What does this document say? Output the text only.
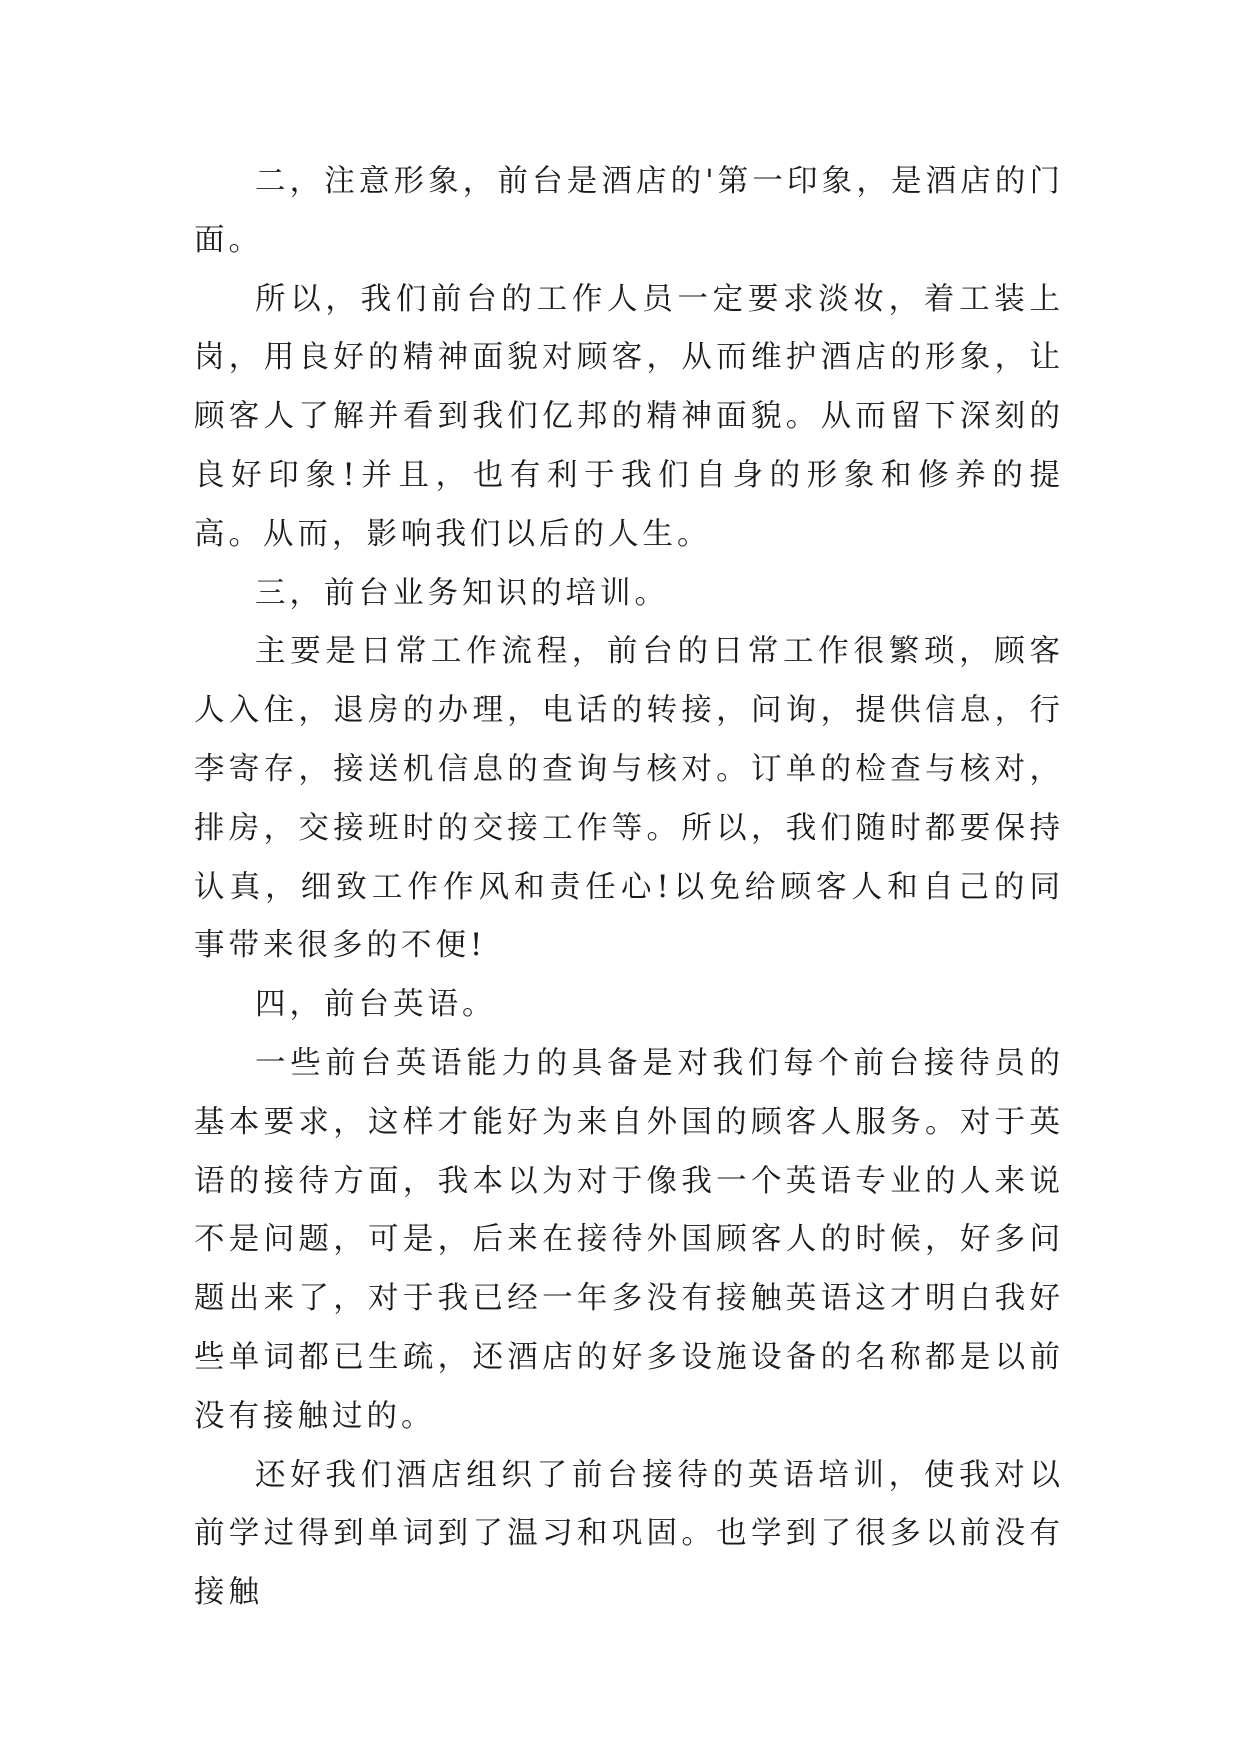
二，注意形象，前台是酒店的'第一印象，是酒店的门面。

所以，我们前台的工作人员一定要求淡妆，着工装上岗，用良好的精神面貌对顾客，从而维护酒店的形象，让顾客人了解并看到我们亿邦的精神面貌。从而留下深刻的良好印象!并且，也有利于我们自身的形象和修养的提高。从而，影响我们以后的人生。

三，前台业务知识的培训。

主要是日常工作流程，前台的日常工作很繁琐，顾客人入住，退房的办理，电话的转接，问询，提供信息，行李寄存，接送机信息的查询与核对。订单的检查与核对，排房，交接班时的交接工作等。所以，我们随时都要保持认真，细致工作作风和责任心!以免给顾客人和自己的同事带来很多的不便!

四，前台英语。

一些前台英语能力的具备是对我们每个前台接待员的基本要求，这样才能好为来自外国的顾客人服务。对于英语的接待方面，我本以为对于像我一个英语专业的人来说不是问题，可是，后来在接待外国顾客人的时候，好多问题出来了，对于我已经一年多没有接触英语这才明白我好些单词都已生疏，还酒店的好多设施设备的名称都是以前没有接触过的。

还好我们酒店组织了前台接待的英语培训，使我对以前学过得到单词到了温习和巩固。也学到了很多以前没有接触
